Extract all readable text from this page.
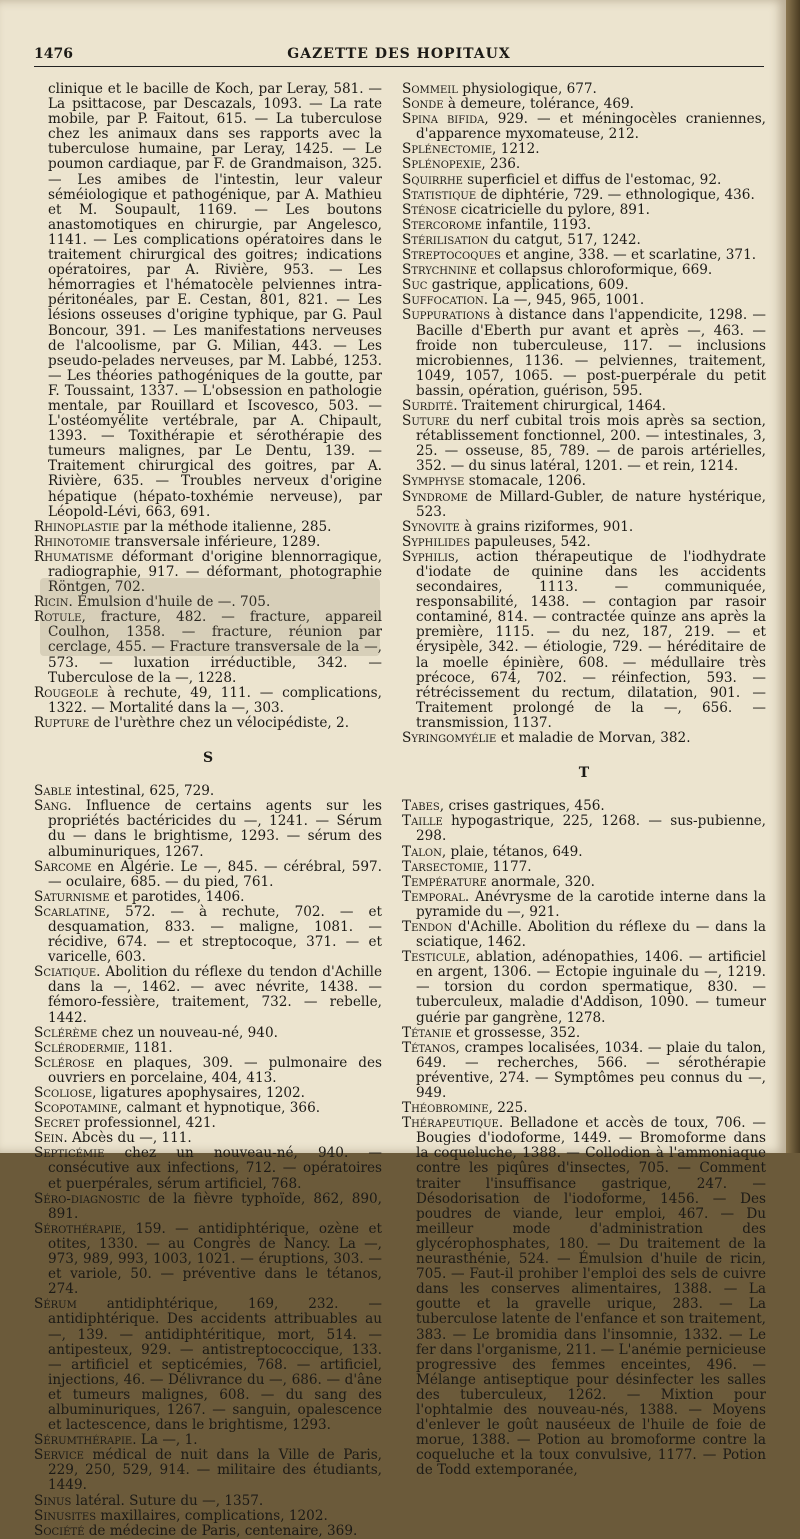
1476	GAZETTE DES HOPITAUX

clinique et le bacille de Koch, par Leray, 581. — La psittacose, par Descazals, 1093. — La rate mobile, par P. Faitout, 615. — La tuberculose chez les animaux dans ses rapports avec la tuberculose humaine, par Leray, 1425. — Le poumon cardiaque, par F. de Grandmaison, 325. — Les amibes de l'intestin, leur valeur séméiologique et pathogénique, par A. Mathieu et M. Soupault, 1169. — Les boutons anastomotiques en chirurgie, par Angelesco, 1141. — Les complications opératoires dans le traitement chirurgical des goitres; indications opératoires, par A. Rivière, 953. — Les hémorragies et l'hématocèle pelviennes intra-péritonéales, par E. Cestan, 801, 821. — Les lésions osseuses d'origine typhique, par G. Paul Boncour, 391. — Les manifestations nerveuses de l'alcoolisme, par G. Milian, 443. — Les pseudo-pelades nerveuses, par M. Labbé, 1253. — Les théories pathogéniques de la goutte, par F. Toussaint, 1337. — L'obsession en pathologie mentale, par Rouillard et Iscovesco, 503. — L'ostéomyélite vertébrale, par A. Chipault, 1393. — Toxithérapie et sérothérapie des tumeurs malignes, par Le Dentu, 139. — Traitement chirurgical des goitres, par A. Rivière, 635. — Troubles nerveux d'origine hépatique (hépato-toxhémie nerveuse), par Léopold-Lévi, 663, 691.

Rhinoplastie par la méthode italienne, 285.

Rhinotomie transversale inférieure, 1289.

Rhumatisme déformant d'origine blennorragique, radiographie, 917. — déformant, photographie Röntgen, 702.

Ricin. Émulsion d'huile de —. 705.

Rotule, fracture, 482. — fracture, appareil Coulhon, 1358. — fracture, réunion par cerclage, 455. — Fracture transversale de la —, 573. — luxation irréductible, 342. — Tuberculose de la —, 1228.

Rougeole à rechute, 49, 111. — complications, 1322. — Mortalité dans la —, 303.

Rupture de l'urèthre chez un vélocipédiste, 2.

S

Sable intestinal, 625, 729.

Sang. Influence de certains agents sur les propriétés bactéricides du —, 1241. — Sérum du — dans le brightisme, 1293. — sérum des albuminuriques, 1267.

Sarcome en Algérie. Le —, 845. — cérébral, 597. — oculaire, 685. — du pied, 761.

Saturnisme et parotides, 1406.

Scarlatine, 572. — à rechute, 702. — et desquamation, 833. — maligne, 1081. — récidive, 674. — et streptocoque, 371. — et varicelle, 603.

Sciatique. Abolition du réflexe du tendon d'Achille dans la —, 1462. — avec névrite, 1438. — fémoro-fessière, traitement, 732. — rebelle, 1442.

Sclérème chez un nouveau-né, 940.

Sclérodermie, 1181.

Sclérose en plaques, 309. — pulmonaire des ouvriers en porcelaine, 404, 413.

Scoliose, ligatures apophysaires, 1202.

Scopotamine, calmant et hypnotique, 366.

Secret professionnel, 421.

Sein. Abcès du —, 111.

Septicémie chez un nouveau-né, 940. — consécutive aux infections, 712. — opératoires et puerpérales, sérum artificiel, 768.

Séro-diagnostic de la fièvre typhoïde, 862, 890, 891.

Sérothérapie, 159. — antidiphtérique, ozène et otites, 1330. — au Congrès de Nancy. La —, 973, 989, 993, 1003, 1021. — éruptions, 303. — et variole, 50. — préventive dans le tétanos, 274.

Sérum antidiphtérique, 169, 232. — antidiphtérique. Des accidents attribuables au —, 139. — antidiphtéritique, mort, 514. — antipesteux, 929. — antistreptococcique, 133. — artificiel et septicémies, 768. — artificiel, injections, 46. — Délivrance du —, 686. — d'âne et tumeurs malignes, 608. — du sang des albuminuriques, 1267. — sanguin, opalescence et lactescence, dans le brightisme, 1293.

Sérumthérapie. La —, 1.

Service médical de nuit dans la Ville de Paris, 229, 250, 529, 914. — militaire des étudiants, 1449.

Sinus latéral. Suture du —, 1357.

Sinusites maxillaires, complications, 1202.

Société de médecine de Paris, centenaire, 369.

Sommeil physiologique, 677.

Sonde à demeure, tolérance, 469.

Spina bifida, 929. — et méningocèles craniennes, d'apparence myxomateuse, 212.

Splénectomie, 1212.

Splénopexie, 236.

Squirrhe superficiel et diffus de l'estomac, 92.

Statistique de diphtérie, 729. — ethnologique, 436.

Sténose cicatricielle du pylore, 891.

Stercorome infantile, 1193.

Stérilisation du catgut, 517, 1242.

Streptocoques et angine, 338. — et scarlatine, 371.

Strychnine et collapsus chloroformique, 669.

Suc gastrique, applications, 609.

Suffocation. La —, 945, 965, 1001.

Suppurations à distance dans l'appendicite, 1298. — Bacille d'Eberth pur avant et après —, 463. — froide non tuberculeuse, 117. — inclusions microbiennes, 1136. — pelviennes, traitement, 1049, 1057, 1065. — post-puerpérale du petit bassin, opération, guérison, 595.

Surdité. Traitement chirurgical, 1464.

Suture du nerf cubital trois mois après sa section, rétablissement fonctionnel, 200. — intestinales, 3, 25. — osseuse, 85, 789. — de parois artérielles, 352. — du sinus latéral, 1201. — et rein, 1214.

Symphyse stomacale, 1206.

Syndrome de Millard-Gubler, de nature hystérique, 523.

Synovite à grains riziformes, 901.

Syphilides papuleuses, 542.

Syphilis, action thérapeutique de l'iodhydrate d'iodate de quinine dans les accidents secondaires, 1113. — communiquée, responsabilité, 1438. — contagion par rasoir contaminé, 814. — contractée quinze ans après la première, 1115. — du nez, 187, 219. — et érysipèle, 342. — étiologie, 729. — héréditaire de la moelle épinière, 608. — médullaire très précoce, 674, 702. — réinfection, 593. — rétrécissement du rectum, dilatation, 901. — Traitement prolongé de la —, 656. — transmission, 1137.

Syringomyélie et maladie de Morvan, 382.

T

Tabes, crises gastriques, 456.

Taille hypogastrique, 225, 1268. — sus-pubienne, 298.

Talon, plaie, tétanos, 649.

Tarsectomie, 1177.

Température anormale, 320.

Temporal. Anévrysme de la carotide interne dans la pyramide du —, 921.

Tendon d'Achille. Abolition du réflexe du — dans la sciatique, 1462.

Testicule, ablation, adénopathies, 1406. — artificiel en argent, 1306. — Ectopie inguinale du —, 1219. — torsion du cordon spermatique, 830. — tuberculeux, maladie d'Addison, 1090. — tumeur guérie par gangrène, 1278.

Tétanie et grossesse, 352.

Tétanos, crampes localisées, 1034. — plaie du talon, 649. — recherches, 566. — sérothérapie préventive, 274. — Symptômes peu connus du —, 949.

Théobromine, 225.

Thérapeutique. Belladone et accès de toux, 706. — Bougies d'iodoforme, 1449. — Bromoforme dans la coqueluche, 1388. — Collodion à l'ammoniaque contre les piqûres d'insectes, 705. — Comment traiter l'insuffisance gastrique, 247. — Désodorisation de l'iodoforme, 1456. — Des poudres de viande, leur emploi, 467. — Du meilleur mode d'administration des glycérophosphates, 180. — Du traitement de la neurasthénie, 524. — Émulsion d'huile de ricin, 705. — Faut-il prohiber l'emploi des sels de cuivre dans les conserves alimentaires, 1388. — La goutte et la gravelle urique, 283. — La tuberculose latente de l'enfance et son traitement, 383. — Le bromidia dans l'insomnie, 1332. — Le fer dans l'organisme, 211. — L'anémie pernicieuse progressive des femmes enceintes, 496. — Mélange antiseptique pour désinfecter les salles des tuberculeux, 1262. — Mixtion pour l'ophtalmie des nouveau-nés, 1388. — Moyens d'enlever le goût nauséeux de l'huile de foie de morue, 1388. — Potion au bromoforme contre la coqueluche et la toux convulsive, 1177. — Potion de Todd extemporanée,
